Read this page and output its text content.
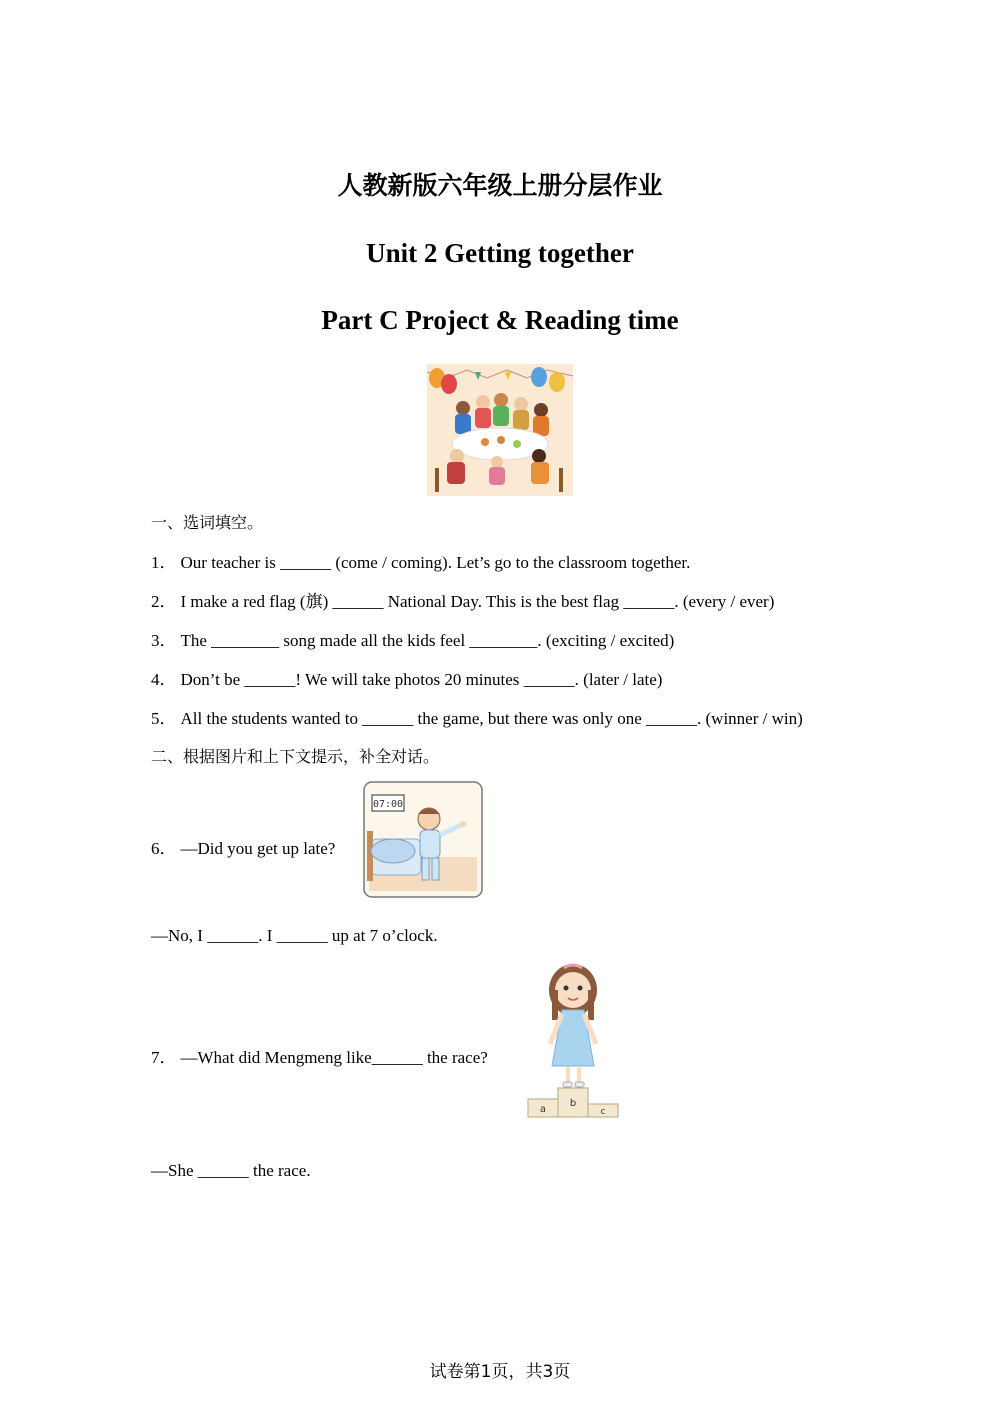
人教新版六年级上册分层作业
Unit 2 Getting together
Part C Project & Reading time
一、选词填空。
1． Our teacher is ______ (come / coming). Let’s go to the classroom together.
2． I make a red flag (旗) ______ National Day. This is the best flag ______. (every / ever)
3． The ________ song made all the kids feel ________. (exciting / excited)
4． Don’t be ______! We will take photos 20 minutes ______. (later / late)
5． All the students wanted to ______ the game, but there was only one ______. (winner / win)
二、根据图片和上下文提示，补全对话。
6． —Did you get up late?
07:00
—No, I ______. I ______ up at 7 o’clock.
a
b
c
7． —What did Mengmeng like______ the race?
—She ______ the race.
试卷第1页，共3页
